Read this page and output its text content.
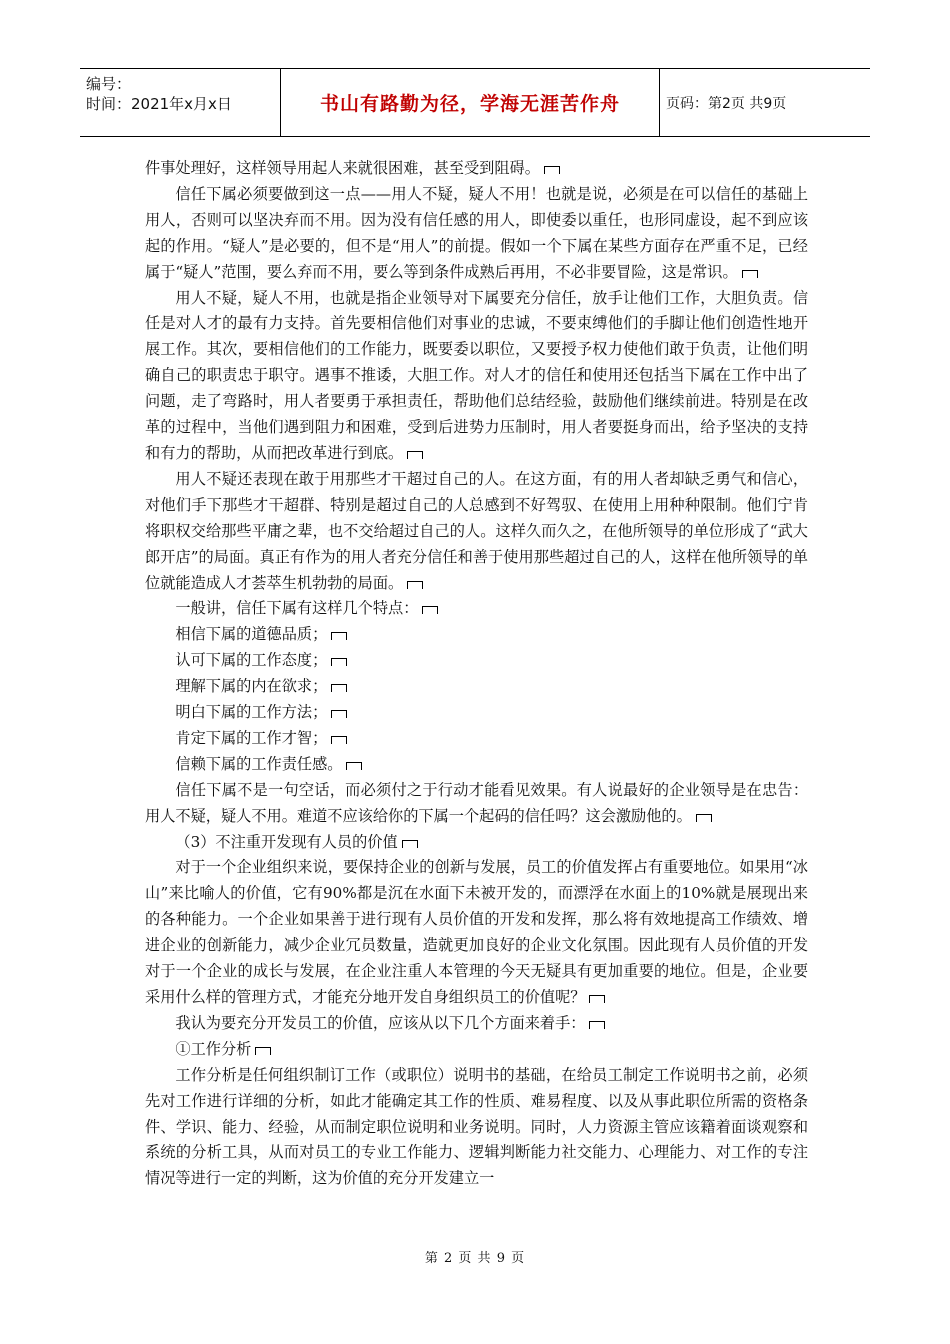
编号：
时间：2021年x月x日	书山有路勤为径，学海无涯苦作舟	页码：第2页 共9页

件事处理好，这样领导用起人来就很困难，甚至受到阻碍。

信任下属必须要做到这一点——用人不疑，疑人不用！也就是说，必须是在可以信任的基础上用人，否则可以坚决弃而不用。因为没有信任感的用人，即使委以重任，也形同虚设，起不到应该起的作用。“疑人”是必要的，但不是“用人”的前提。假如一个下属在某些方面存在严重不足，已经属于“疑人”范围，要么弃而不用，要么等到条件成熟后再用，不必非要冒险，这是常识。

用人不疑，疑人不用，也就是指企业领导对下属要充分信任，放手让他们工作，大胆负责。信任是对人才的最有力支持。首先要相信他们对事业的忠诚，不要束缚他们的手脚让他们创造性地开展工作。其次，要相信他们的工作能力，既要委以职位，又要授予权力使他们敢于负责，让他们明确自己的职责忠于职守。遇事不推诿，大胆工作。对人才的信任和使用还包括当下属在工作中出了问题，走了弯路时，用人者要勇于承担责任，帮助他们总结经验，鼓励他们继续前进。特别是在改革的过程中，当他们遇到阻力和困难，受到后进势力压制时，用人者要挺身而出，给予坚决的支持和有力的帮助，从而把改革进行到底。

用人不疑还表现在敢于用那些才干超过自己的人。在这方面，有的用人者却缺乏勇气和信心，对他们手下那些才干超群、特别是超过自己的人总感到不好驾驭、在使用上用种种限制。他们宁肯将职权交给那些平庸之辈，也不交给超过自己的人。这样久而久之，在他所领导的单位形成了“武大郎开店”的局面。真正有作为的用人者充分信任和善于使用那些超过自己的人，这样在他所领导的单位就能造成人才荟萃生机勃勃的局面。

一般讲，信任下属有这样几个特点：

相信下属的道德品质；

认可下属的工作态度；

理解下属的内在欲求；

明白下属的工作方法；

肯定下属的工作才智；

信赖下属的工作责任感。

信任下属不是一句空话，而必须付之于行动才能看见效果。有人说最好的企业领导是在忠告：用人不疑，疑人不用。难道不应该给你的下属一个起码的信任吗？这会激励他的。

（3）不注重开发现有人员的价值

对于一个企业组织来说，要保持企业的创新与发展，员工的价值发挥占有重要地位。如果用“冰山”来比喻人的价值，它有90%都是沉在水面下未被开发的，而漂浮在水面上的10%就是展现出来的各种能力。一个企业如果善于进行现有人员价值的开发和发挥，那么将有效地提高工作绩效、增进企业的创新能力，减少企业冗员数量，造就更加良好的企业文化氛围。因此现有人员价值的开发对于一个企业的成长与发展，在企业注重人本管理的今天无疑具有更加重要的地位。但是，企业要采用什么样的管理方式，才能充分地开发自身组织员工的价值呢？

我认为要充分开发员工的价值，应该从以下几个方面来着手：

①工作分析

工作分析是任何组织制订工作（或职位）说明书的基础，在给员工制定工作说明书之前，必须先对工作进行详细的分析，如此才能确定其工作的性质、难易程度、以及从事此职位所需的资格条件、学识、能力、经验，从而制定职位说明和业务说明。同时，人力资源主管应该籍着面谈观察和系统的分析工具，从而对员工的专业工作能力、逻辑判断能力社交能力、心理能力、对工作的专注情况等进行一定的判断，这为价值的充分开发建立一

第 2 页 共 9 页
